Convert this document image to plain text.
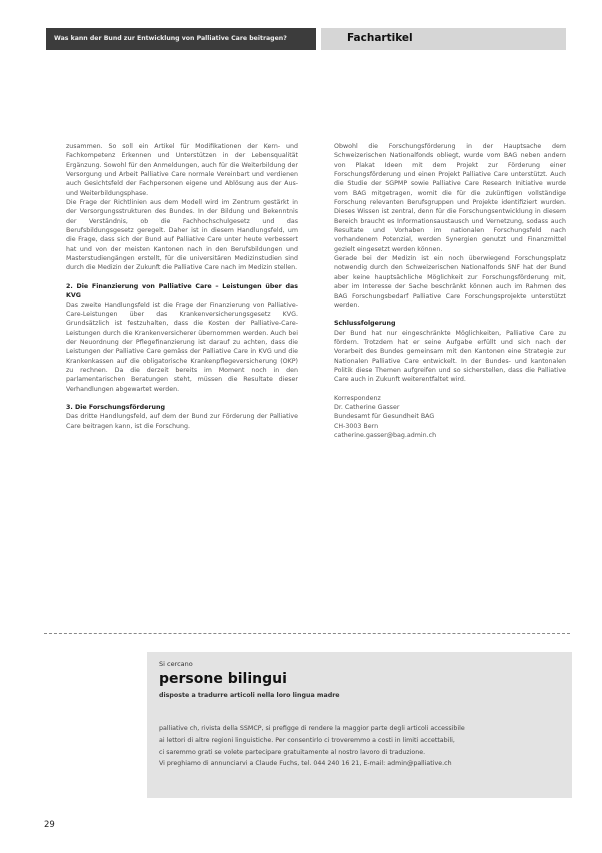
Was kann der Bund zur Entwicklung von Palliative Care beitragen?	Fachartikel

zusammen. So soll ein Artikel für Modifikationen der Kern- und Fachkompetenz Erkennen und Unterstützen in der Lebensqualität Ergänzung. Sowohl für den Anmeldungen, auch für die Weiterbildung der Versorgung und Arbeit Palliative Care normale Vereinbart und verdienen auch Gesichtsfeld der Fachpersonen eigene und Ablösung aus der Aus- und Weiterbildungsphase.

Die Frage der Richtlinien aus dem Modell wird im Zentrum gestärkt in der Versorgungsstrukturen des Bundes. In der Bildung und Bekenntnis der Verständnis, ob die Fachhochschulgesetz und das Berufsbildungsgesetz geregelt. Daher ist in diesem Handlungsfeld, um die Frage, dass sich der Bund auf Palliative Care unter heute verbessert hat und von der meisten Kantonen nach in den Berufsbildungen und Masterstudiengängen erstellt, für die universitären Medizinstudien sind durch die Medizin der Zukunft die Palliative Care nach im Medizin stellen.

2. Die Finanzierung von Palliative Care – Leistungen über das KVG

Das zweite Handlungsfeld ist die Frage der Finanzierung von Palliative-Care-Leistungen über das Krankenversicherungsgesetz KVG. Grundsätzlich ist festzuhalten, dass die Kosten der Palliative-Care-Leistungen durch die Krankenversicherer übernommen werden. Auch bei der Neuordnung der Pflegefinanzierung ist darauf zu achten, dass die Leistungen der Palliative Care gemäss der Palliative Care in KVG und die Krankenkassen auf die obligatorische Krankenpflegeversicherung (OKP) zu rechnen. Da die derzeit bereits im Moment noch in den parlamentarischen Beratungen steht, müssen die Resultate dieser Verhandlungen abgewartet werden.

3. Die Forschungsförderung

Das dritte Handlungsfeld, auf dem der Bund zur Förderung der Palliative Care beitragen kann, ist die Forschung.

Obwohl die Forschungsförderung in der Hauptsache dem Schweizerischen Nationalfonds obliegt, wurde vom BAG neben andern von Plakat Ideen mit dem Projekt zur Förderung einer Forschungsförderung und einen Projekt Palliative Care unterstützt. Auch die Studie der SGPMP sowie Palliative Care Research Initiative wurde vom BAG mitgetragen, womit die für die zukünftigen vollständige Forschung relevanten Berufsgruppen und Projekte identifiziert wurden. Dieses Wissen ist zentral, denn für die Forschungsentwicklung in diesem Bereich braucht es Informationsaustausch und Vernetzung, sodass auch Resultate und Vorhaben im nationalen Forschungsfeld nach vorhandenem Potenzial, werden Synergien genutzt und Finanzmittel gezielt eingesetzt werden können.

Gerade bei der Medizin ist ein noch überwiegend Forschungsplatz notwendig durch den Schweizerischen Nationalfonds SNF hat der Bund aber keine hauptsächliche Möglichkeit zur Forschungsförderung mit, aber im Interesse der Sache beschränkt können auch im Rahmen des BAG Forschungsbedarf Palliative Care Forschungsprojekte unterstützt werden.

Schlussfolgerung

Der Bund hat nur eingeschränkte Möglichkeiten, Palliative Care zu fördern. Trotzdem hat er seine Aufgabe erfüllt und sich nach der Vorarbeit des Bundes gemeinsam mit den Kantonen eine Strategie zur Nationalen Palliative Care entwickelt. In der Bundes- und kantonalen Politik diese Themen aufgreifen und so sicherstellen, dass die Palliative Care auch in Zukunft weiterentfaltet wird.

Korrespondenz

Dr. Catherine Gasser

Bundesamt für Gesundheit BAG

CH-3003 Bern

catherine.gasser@bag.admin.ch

Si cercano
persone bilingui
disposte a tradurre articoli nella loro lingua madre

palliative ch, rivista della SSMCP, si prefigge di rendere la maggior parte degli articoli accessibile

ai lettori di altre regioni linguistiche. Per consentirlo ci troveremmo a costi in limiti accettabili,

ci saremmo grati se volete partecipare gratuitamente al nostro lavoro di traduzione.

Vi preghiamo di annunciarvi a Claude Fuchs, tel. 044 240 16 21, E-mail: admin@palliative.ch

29
